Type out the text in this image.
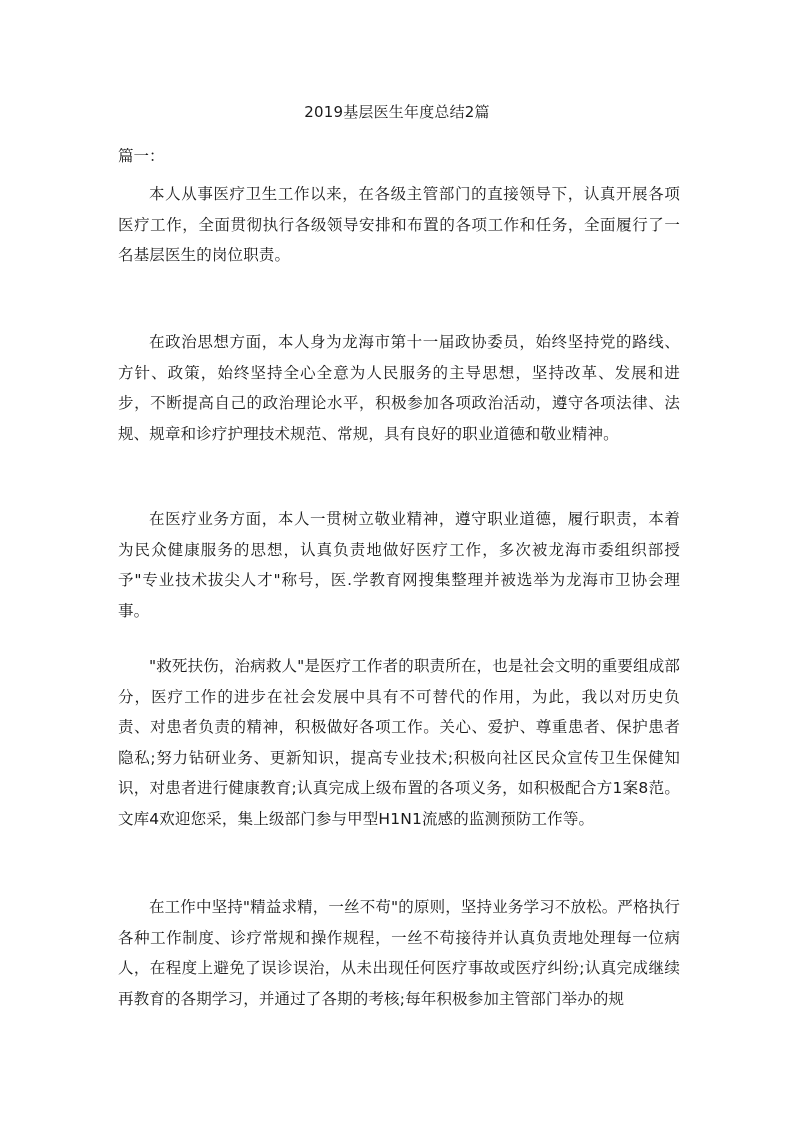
2019基层医生年度总结2篇
篇一：

本人从事医疗卫生工作以来，在各级主管部门的直接领导下，认真开展各项医疗工作，全面贯彻执行各级领导安排和布置的各项工作和任务，全面履行了一名基层医生的岗位职责。

在政治思想方面，本人身为龙海市第十一届政协委员，始终坚持党的路线、方针、政策，始终坚持全心全意为人民服务的主导思想，坚持改革、发展和进步，不断提高自己的政治理论水平，积极参加各项政治活动，遵守各项法律、法规、规章和诊疗护理技术规范、常规，具有良好的职业道德和敬业精神。

在医疗业务方面，本人一贯树立敬业精神，遵守职业道德，履行职责，本着为民众健康服务的思想，认真负责地做好医疗工作，多次被龙海市委组织部授予"专业技术拔尖人才"称号，医.学教育网搜集整理并被选举为龙海市卫协会理事。

"救死扶伤，治病救人"是医疗工作者的职责所在，也是社会文明的重要组成部分，医疗工作的进步在社会发展中具有不可替代的作用，为此，我以对历史负责、对患者负责的精神，积极做好各项工作。关心、爱护、尊重患者、保护患者隐私;努力钻研业务、更新知识，提高专业技术;积极向社区民众宣传卫生保健知识，对患者进行健康教育;认真完成上级布置的各项义务，如积极配合方1案8范。文库4欢迎您采，集上级部门参与甲型H1N1流感的监测预防工作等。

在工作中坚持"精益求精，一丝不苟"的原则，坚持业务学习不放松。严格执行各种工作制度、诊疗常规和操作规程，一丝不苟接待并认真负责地处理每一位病人，在程度上避免了误诊误治，从未出现任何医疗事故或医疗纠纷;认真完成继续再教育的各期学习，并通过了各期的考核;每年积极参加主管部门举办的规
